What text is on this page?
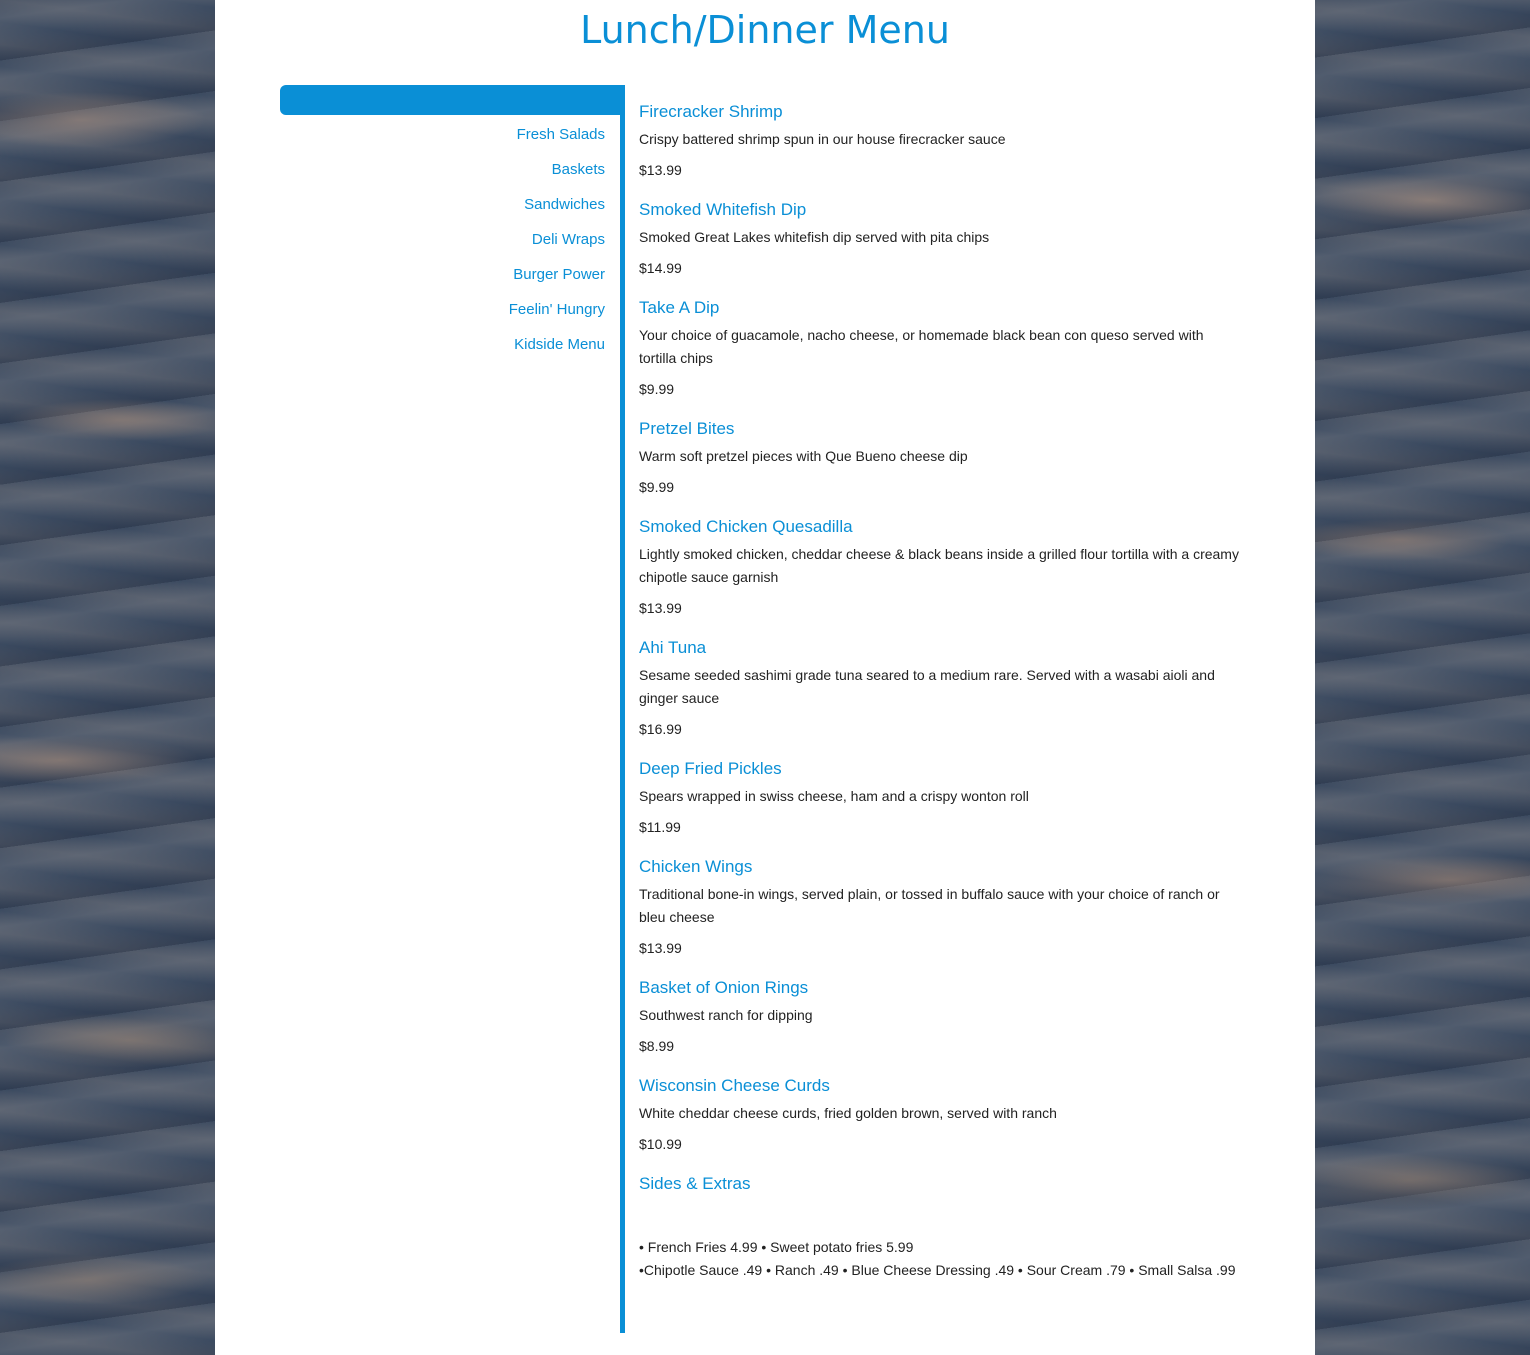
Lunch/Dinner Menu
Fresh Salads
Baskets
Sandwiches
Deli Wraps
Burger Power
Feelin' Hungry
Kidside Menu
Firecracker Shrimp

Crispy battered shrimp spun in our house firecracker sauce

$13.99

Smoked Whitefish Dip

Smoked Great Lakes whitefish dip served with pita chips

$14.99

Take A Dip

Your choice of guacamole, nacho cheese, or homemade black bean con queso served with tortilla chips

$9.99

Pretzel Bites

Warm soft pretzel pieces with Que Bueno cheese dip

$9.99

Smoked Chicken Quesadilla

Lightly smoked chicken, cheddar cheese & black beans inside a grilled flour tortilla with a creamy chipotle sauce garnish

$13.99

Ahi Tuna

Sesame seeded sashimi grade tuna seared to a medium rare. Served with a wasabi aioli and ginger sauce

$16.99

Deep Fried Pickles

Spears wrapped in swiss cheese, ham and a crispy wonton roll

$11.99

Chicken Wings

Traditional bone-in wings, served plain, or tossed in buffalo sauce with your choice of ranch or bleu cheese

$13.99

Basket of Onion Rings

Southwest ranch for dipping

$8.99

Wisconsin Cheese Curds

White cheddar cheese curds, fried golden brown, served with ranch

$10.99

Sides & Extras

• French Fries 4.99 • Sweet potato fries 5.99

•Chipotle Sauce .49 • Ranch .49 • Blue Cheese Dressing .49 • Sour Cream .79 • Small Salsa .99
